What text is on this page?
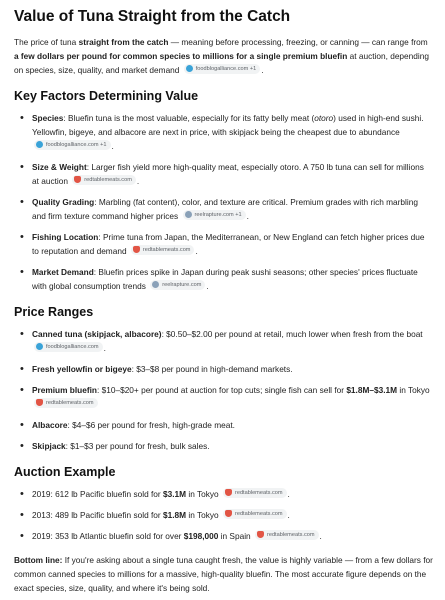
Value of Tuna Straight from the Catch

The price of tuna straight from the catch — meaning before processing, freezing, or canning — can range from a few dollars per pound for common species to millions for a single premium bluefin at auction, depending on species, size, quality, and market demand	foodblogalliance.com +1 .

Key Factors Determining Value
• Species: Bluefin tuna is the most valuable, especially for its fatty belly meat (otoro) used in high-end sushi. Yellowfin, bigeye, and albacore are next in price, with skipjack being the cheapest due to abundance
foodblogalliance.com +1 .
• Size & Weight: Larger fish yield more high-quality meat, especially otoro. A 750 lb tuna can sell for millions at auction	redtablemeats.com .
• Quality Grading: Marbling (fat content), color, and texture are critical. Premium grades with rich marbling and firm texture command higher prices	reelrapture.com +1 .
• Fishing Location: Prime tuna from Japan, the Mediterranean, or New England can fetch higher prices due to reputation and demand	redtablemeats.com .
• Market Demand: Bluefin prices spike in Japan during peak sushi seasons; other species' prices fluctuate with global consumption trends	reelrapture.com .
Price Ranges
• Canned tuna (skipjack, albacore): $0.50–$2.00 per pound at retail, much lower when fresh from the boat
foodblogalliance.com .
• Fresh yellowfin or bigeye: $3–$8 per pound in high-demand markets.
• Premium bluefin: $10–$20+ per pound at auction for top cuts; single fish can sell for $1.8M–$3.1M in Tokyo
redtablemeats.com
• Albacore: $4–$6 per pound for fresh, high-grade meat.
• Skipjack: $1–$3 per pound for fresh, bulk sales.
Auction Example
• 2019: 612 lb Pacific bluefin sold for $3.1M in Tokyo	redtablemeats.com .
• 2013: 489 lb Pacific bluefin sold for $1.8M in Tokyo	redtablemeats.com .
• 2019: 353 lb Atlantic bluefin sold for over $198,000 in Spain	redtablemeats.com .

Bottom line: If you're asking about a single tuna caught fresh, the value is highly variable — from a few dollars for common canned species to millions for a massive, high-quality bluefin. The most accurate figure depends on the exact species, size, quality, and where it's being sold.
